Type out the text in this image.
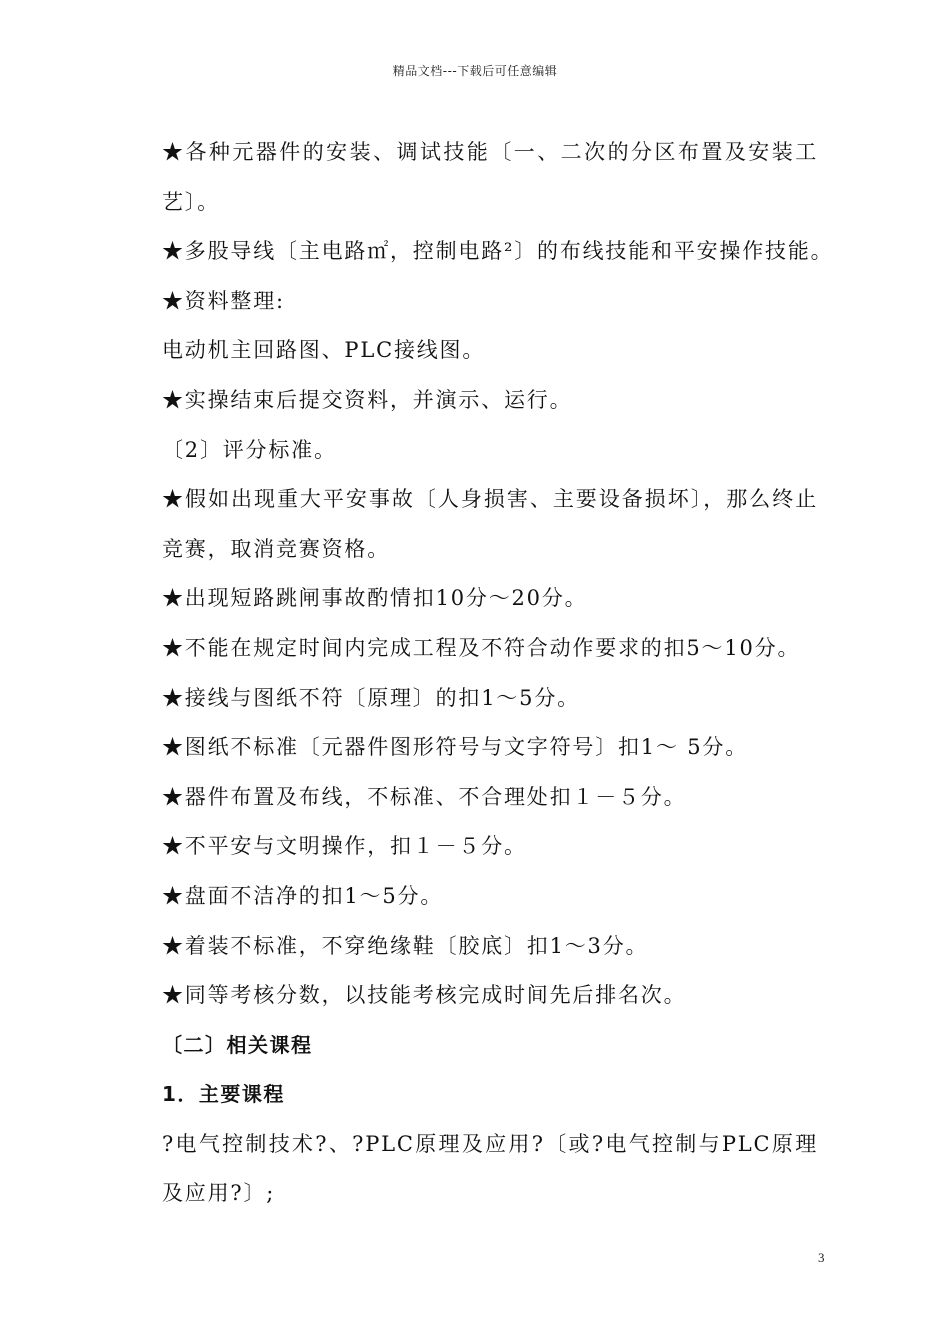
精品文档---下载后可任意编辑

★各种元器件的安装、调试技能〔一、二次的分区布置及安装工艺〕。

★多股导线〔主电路㎡，控制电路²〕的布线技能和平安操作技能。

★资料整理:

电动机主回路图、PLC接线图。

★实操结束后提交资料，并演示、运行。

〔2〕评分标准。

★假如出现重大平安事故〔人身损害、主要设备损坏〕，那么终止竞赛，取消竞赛资格。

★出现短路跳闸事故酌情扣10分～20分。

★不能在规定时间内完成工程及不符合动作要求的扣5～10分。

★接线与图纸不符〔原理〕的扣1～5分。

★图纸不标准〔元器件图形符号与文字符号〕扣1～ 5分。

★器件布置及布线，不标准、不合理处扣１－５分。

★不平安与文明操作，扣１－５分。

★盘面不洁净的扣1～5分。

★着装不标准，不穿绝缘鞋〔胶底〕扣1～3分。

★同等考核分数，以技能考核完成时间先后排名次。

〔二〕相关课程

1．主要课程

?电气控制技术?、?PLC原理及应用?〔或?电气控制与PLC原理及应用?〕;

3
